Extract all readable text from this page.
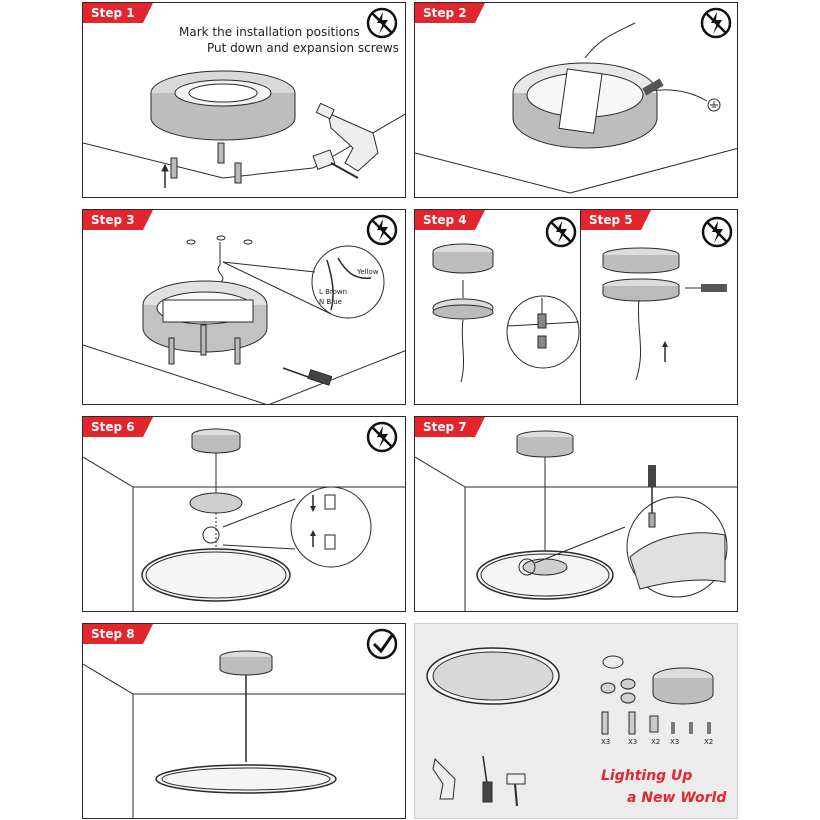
Step 1
Mark the installation positions
Put down and expansion screws
Step 2
Step 3
Yellow
L Brown
N Blue
Step 4	Step 5
Step 6	Step 7
Step 8
X3	X3 X2 X3	X2
Lighting Up
a New World
